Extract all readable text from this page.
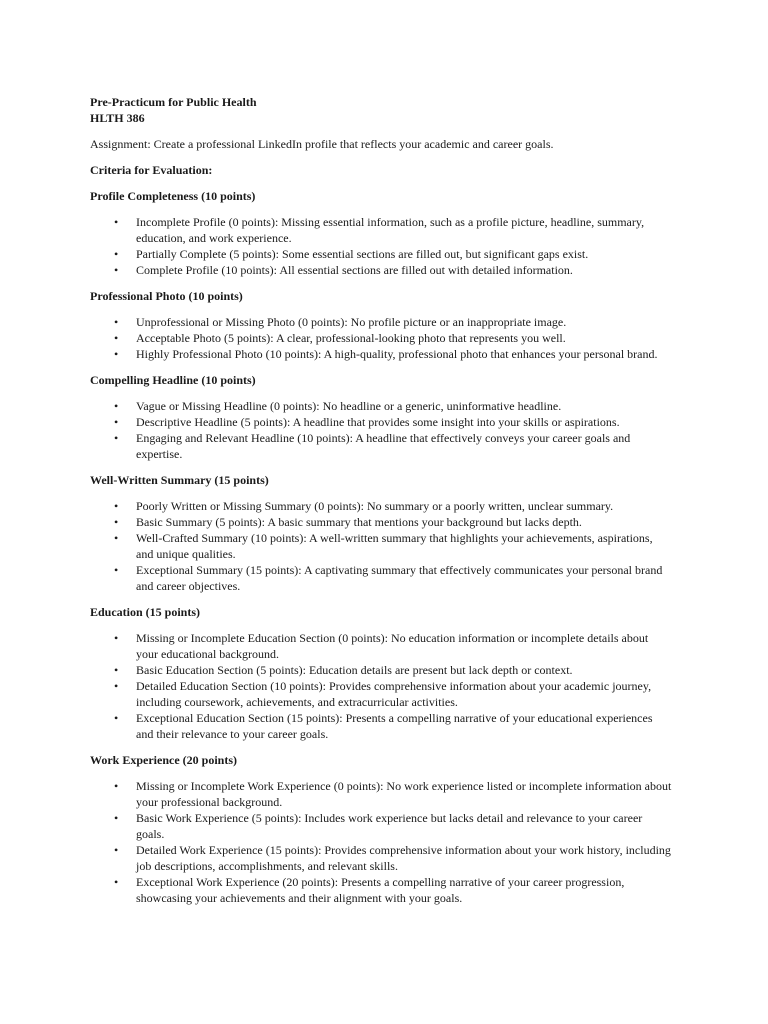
Pre-Practicum for Public Health

HLTH 386

Assignment: Create a professional LinkedIn profile that reflects your academic and career goals.

Criteria for Evaluation:

Profile Completeness (10 points)

• Incomplete Profile (0 points): Missing essential information, such as a profile picture, headline, summary, education, and work experience.
• Partially Complete (5 points): Some essential sections are filled out, but significant gaps exist.
• Complete Profile (10 points): All essential sections are filled out with detailed information.

Professional Photo (10 points)

• Unprofessional or Missing Photo (0 points): No profile picture or an inappropriate image.
• Acceptable Photo (5 points): A clear, professional-looking photo that represents you well.
• Highly Professional Photo (10 points): A high-quality, professional photo that enhances your personal brand.

Compelling Headline (10 points)

• Vague or Missing Headline (0 points): No headline or a generic, uninformative headline.
• Descriptive Headline (5 points): A headline that provides some insight into your skills or aspirations.
• Engaging and Relevant Headline (10 points): A headline that effectively conveys your career goals and expertise.

Well-Written Summary (15 points)

• Poorly Written or Missing Summary (0 points): No summary or a poorly written, unclear summary.
• Basic Summary (5 points): A basic summary that mentions your background but lacks depth.
• Well-Crafted Summary (10 points): A well-written summary that highlights your achievements, aspirations, and unique qualities.
• Exceptional Summary (15 points): A captivating summary that effectively communicates your personal brand and career objectives.

Education (15 points)

• Missing or Incomplete Education Section (0 points): No education information or incomplete details about your educational background.
• Basic Education Section (5 points): Education details are present but lack depth or context.
• Detailed Education Section (10 points): Provides comprehensive information about your academic journey, including coursework, achievements, and extracurricular activities.
• Exceptional Education Section (15 points): Presents a compelling narrative of your educational experiences and their relevance to your career goals.

Work Experience (20 points)

• Missing or Incomplete Work Experience (0 points): No work experience listed or incomplete information about your professional background.
• Basic Work Experience (5 points): Includes work experience but lacks detail and relevance to your career goals.
• Detailed Work Experience (15 points): Provides comprehensive information about your work history, including job descriptions, accomplishments, and relevant skills.
• Exceptional Work Experience (20 points): Presents a compelling narrative of your career progression, showcasing your achievements and their alignment with your goals.
